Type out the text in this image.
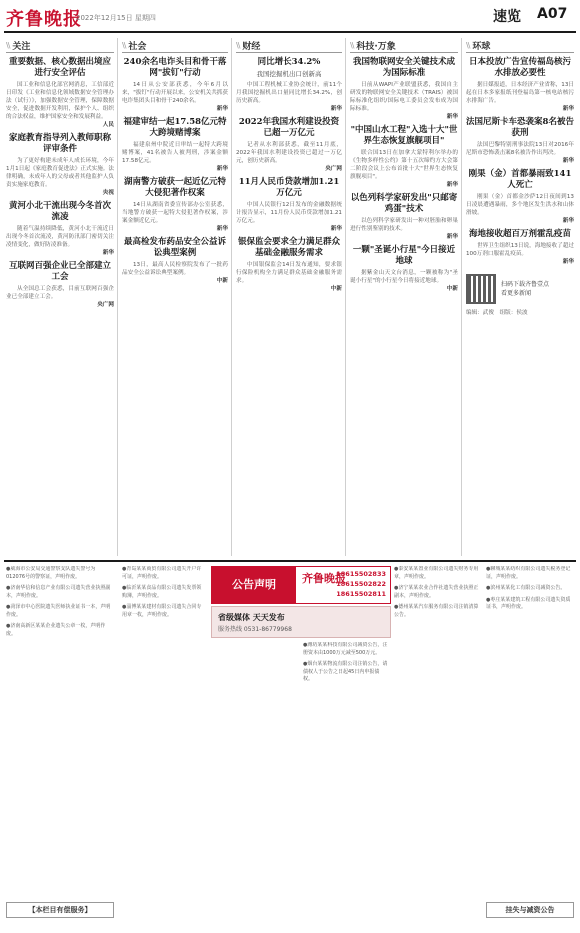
齐鲁晚报
2022年12月15日 星期四	速览 A07
\\ 关注
重要数据、核心数据出境应进行安全评估

国工业和信息化部官网消息，工信部近日印发《工业和信息化领域数据安全管理办法（试行）》，加强数据安全管理，保障数据安全，促进数据开发利用，保护个人、组织的合法权益，维护国家安全和发展利益。

人民
家庭教育指导列入教师职称评审条件

为了更好构建未成年人成长环境，今年1月1日起《家庭教育促进法》正式实施。法律明确，未成年人的父母或者其他监护人负责实施家庭教育。

央视
黄河小北干流出现今冬首次流凌

随着气温持续降低，黄河小北干流近日出现今冬首次流凌，黄河防汛部门密切关注凌情变化，做好防凌准备。

新华
互联网百强企业已全部建立工会

从全国总工会获悉，目前互联网百强企业已全部建立工会。

央广网
\\ 社会
240余名电诈头目和骨干落网"拔钉"行动

14日从公安部获悉，今年6月以来，"拔钉"行动开展以来，公安机关共抓获电诈集团头目和骨干240余名。

新华
福建审结一起17.58亿元特大跨境赌博案

福建泉州中院近日审结一起特大跨境赌博案，41名被告人被判刑，涉案金额17.58亿元。

新华
湖南警方破获一起近亿元特大侵犯著作权案

14日从湖南省委宣传部办公室获悉，当地警方破获一起特大侵犯著作权案，涉案金额近亿元。

新华
最高检发布药品安全公益诉讼典型案例

13日，最高人民检察院发布了一批药品安全公益诉讼典型案例。

中新
\\ 财经
同比增长34.2%
我国挖掘机出口创新高

中国工程机械工业协会统计，前11个月我国挖掘机出口量同比增长34.2%，创历史新高。

新华
2022年我国水利建设投资已超一万亿元

记者从水利部获悉，截至11月底，2022年我国水利建设投资已超过一万亿元，创历史新高。

央广网
11月人民币贷款增加1.21万亿元

中国人民银行12日发布的金融数据统计报告显示，11月份人民币贷款增加1.21万亿元。

新华
银保监会要求全力满足群众基础金融服务需求

中国银保监会14日发布通知，要求银行保险机构全力满足群众基础金融服务需求。

中新
\\ 科技·万象
我国物联网安全关键技术成为国际标准

日前从WAPI产业联盟获悉，我国自主研发的物联网安全关键技术（TRAIS）被国际标准化组织/国际电工委员会发布成为国际标准。

新华
"中国山水工程"入选十大"世界生态恢复旗舰项目"

联合国13日在加拿大蒙特利尔举办的《生物多样性公约》第十五次缔约方大会第二阶段会议上公布首批十大"世界生态恢复旗舰项目"。

新华
以色列科学家研发出"只邮寄鸡蛋"技术

以色列科学家研发出一种对胚胎和卵巢进行性别鉴别的技术。

新华
一颗"圣诞小行星"今日接近地球

据紫金山天文台消息，一颗被称为"圣诞小行星"的小行星今日将接近地球。

中新
\\ 环球
日本投放广告宣传福岛核污水排放必要性

据日媒报道，日本经济产业省称，13日起在日本多家报纸刊登福岛第一核电站核污水排海广告。

新华
法国尼斯卡车恐袭案8名被告获刑

法国巴黎特别刑事法院13日对2016年尼斯市恐怖袭击案8名被告作出判决。

新华
刚果（金）首都暴雨致141人死亡

刚果（金）首都金沙萨12日夜间到13日凌晨遭遇暴雨，多个地区发生洪水和山体滑坡。

新华
海地接收超百万剂霍乱疫苗

世界卫生组织13日说，海地接收了超过100万剂口服霍乱疫苗。

新华
扫码下载齐鲁壹点
看更多新闻
编辑：武俊　组版：侯波

●威海市公安局交通警察支队遗失警号为012076号的警察证，声明作废。

●济南华信和信息产业有限公司遗失营业执照副本，声明作废。

●菏泽市中心医院遗失医师执业证书一本，声明作废。

●济南高新区某某企业遗失公章一枚，声明作废。

●青岛某某商贸有限公司遗失开户许可证，声明作废。

●临沂某某食品有限公司遗失发票领购簿，声明作废。

●淄博某某建材有限公司遗失合同专用章一枚，声明作废。

公告声明	齐鲁晚报
18615502833
18615502822
18615502811
省级媒体 天天发布
服务热线 0531-86779968

●潍坊某某科技有限公司减资公告，注册资本由1000万元减至500万元。

●烟台某某物流有限公司注销公告，请债权人于公告之日起45日内申报债权。

●泰安某某置业有限公司遗失财务专用章，声明作废。

●济宁某某农业合作社遗失营业执照正副本，声明作废。

●德州某某汽车服务有限公司注销清算公告。

●聊城某某纺织有限公司遗失税务登记证，声明作废。

●滨州某某化工有限公司减资公告。

●枣庄某某建筑工程有限公司遗失资质证书，声明作废。

【本栏目有偿服务】	挂失与减资公告
